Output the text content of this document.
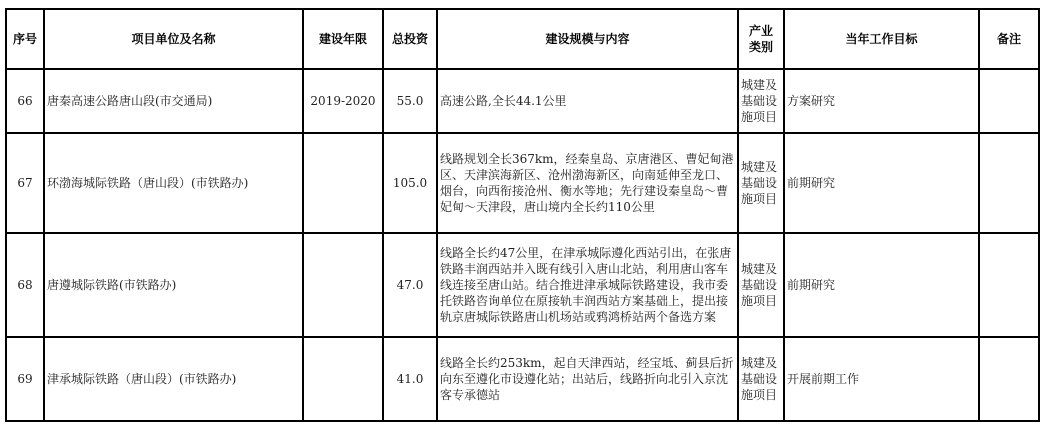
序号	项目单位及名称	建设年限	总投资	建设规模与内容	产业类别	当年工作目标	备注
66	唐秦高速公路唐山段(市交通局)	2019-2020	55.0	高速公路,全长44.1公里	城建及基础设施项目	方案研究	
67	环渤海城际铁路（唐山段）(市铁路办)		105.0	线路规划全长367km，经秦皇岛、京唐港区、曹妃甸港区、天津滨海新区、沧州渤海新区，向南延伸至龙口、烟台，向西衔接沧州、衡水等地；先行建设秦皇岛～曹妃甸～天津段，唐山境内全长约110公里	城建及基础设施项目	前期研究	
68	唐遵城际铁路(市铁路办)		47.0	线路全长约47公里，在津承城际遵化西站引出，在张唐铁路丰润西站并入既有线引入唐山北站，利用唐山客车线连接至唐山站。结合推进津承城际铁路建设，我市委托铁路咨询单位在原接轨丰润西站方案基础上，提出接轨京唐城际铁路唐山机场站或鸦鸿桥站两个备选方案	城建及基础设施项目	前期研究	
69	津承城际铁路（唐山段）(市铁路办)		41.0	线路全长约253km，起自天津西站，经宝坻、蓟县后折向东至遵化市设遵化站；出站后，线路折向北引入京沈客专承德站	城建及基础设施项目	开展前期工作	
